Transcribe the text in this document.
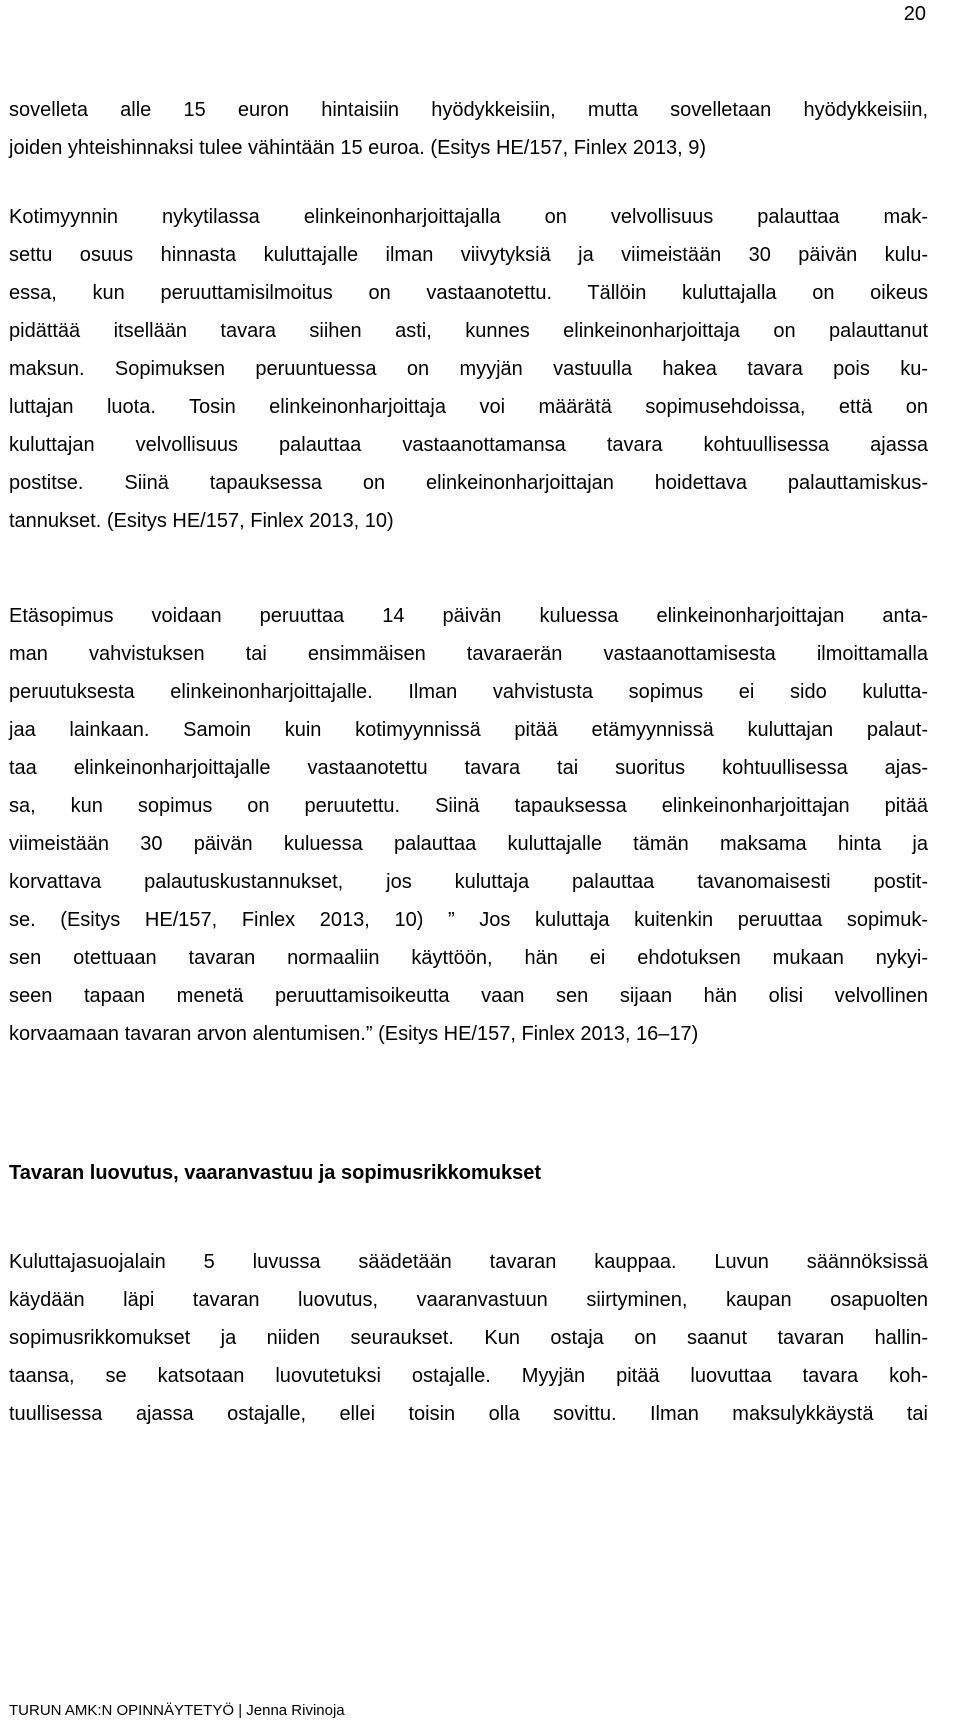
20
sovelleta alle 15 euron hintaisiin hyödykkeisiin, mutta sovelletaan hyödykkeisiin,
joiden yhteishinnaksi tulee vähintään 15 euroa. (Esitys HE/157, Finlex 2013, 9)
Kotimyynnin nykytilassa elinkeinonharjoittajalla on velvollisuus palauttaa mak-
settu osuus hinnasta kuluttajalle ilman viivytyksiä ja viimeistään 30 päivän kulu-
essa, kun peruuttamisilmoitus on vastaanotettu. Tällöin kuluttajalla on oikeus
pidättää itsellään tavara siihen asti, kunnes elinkeinonharjoittaja on palauttanut
maksun. Sopimuksen peruuntuessa on myyjän vastuulla hakea tavara pois ku-
luttajan luota. Tosin elinkeinonharjoittaja voi määrätä sopimusehdoissa, että on
kuluttajan velvollisuus palauttaa vastaanottamansa tavara kohtuullisessa ajassa
postitse. Siinä tapauksessa on elinkeinonharjoittajan hoidettava palauttamiskus-
tannukset. (Esitys HE/157, Finlex 2013, 10)
Etäsopimus voidaan peruuttaa 14 päivän kuluessa elinkeinonharjoittajan anta-
man vahvistuksen tai ensimmäisen tavaraerän vastaanottamisesta ilmoittamalla
peruutuksesta elinkeinonharjoittajalle. Ilman vahvistusta sopimus ei sido kulutta-
jaa lainkaan. Samoin kuin kotimyynnissä pitää etämyynnissä kuluttajan palaut-
taa elinkeinonharjoittajalle vastaanotettu tavara tai suoritus kohtuullisessa ajas-
sa, kun sopimus on peruutettu. Siinä tapauksessa elinkeinonharjoittajan pitää
viimeistään 30 päivän kuluessa palauttaa kuluttajalle tämän maksama hinta ja
korvattava palautuskustannukset, jos kuluttaja palauttaa tavanomaisesti postit-
se. (Esitys HE/157, Finlex 2013, 10) ” Jos kuluttaja kuitenkin peruuttaa sopimuk-
sen otettuaan tavaran normaaliin käyttöön, hän ei ehdotuksen mukaan nykyi-
seen tapaan menetä peruuttamisoikeutta vaan sen sijaan hän olisi velvollinen
korvaamaan tavaran arvon alentumisen.” (Esitys HE/157, Finlex 2013, 16–17)
Tavaran luovutus, vaaranvastuu ja sopimusrikkomukset
Kuluttajasuojalain 5 luvussa säädetään tavaran kauppaa. Luvun säännöksissä
käydään läpi tavaran luovutus, vaaranvastuun siirtyminen, kaupan osapuolten
sopimusrikkomukset ja niiden seuraukset. Kun ostaja on saanut tavaran hallin-
taansa, se katsotaan luovutetuksi ostajalle. Myyjän pitää luovuttaa tavara koh-
tuullisessa ajassa ostajalle, ellei toisin olla sovittu. Ilman maksulykkäystä tai
TURUN AMK:N OPINNÄYTETYÖ | Jenna Rivinoja
